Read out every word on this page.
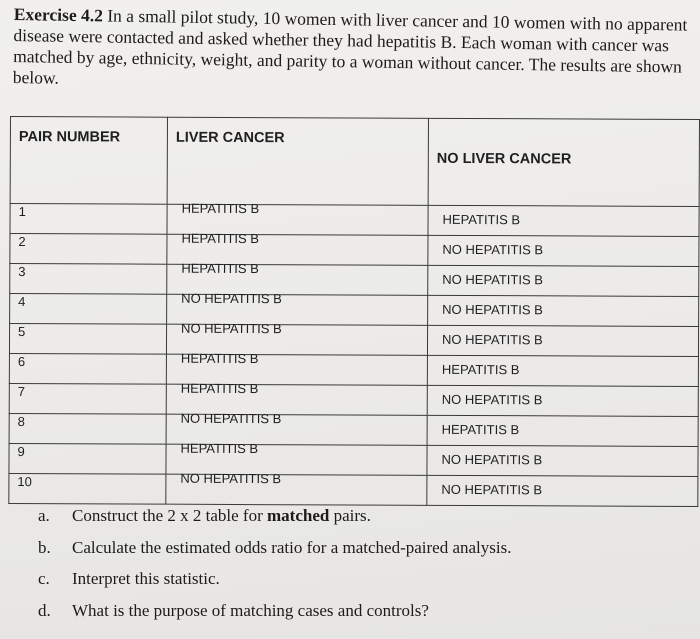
Exercise 4.2 In a small pilot study, 10 women with liver cancer and 10 women with no apparent disease were contacted and asked whether they had hepatitis B. Each woman with cancer was matched by age, ethnicity, weight, and parity to a woman without cancer. The results are shown below.
PAIR NUMBER	LIVER CANCER	NO LIVER CANCER
1	HEPATITIS B	HEPATITIS B
2	HEPATITIS B	NO HEPATITIS B
3	HEPATITIS B	NO HEPATITIS B
4	NO HEPATITIS B	NO HEPATITIS B
5	NO HEPATITIS B	NO HEPATITIS B
6	HEPATITIS B	HEPATITIS B
7	HEPATITIS B	NO HEPATITIS B
8	NO HEPATITIS B	HEPATITIS B
9	HEPATITIS B	NO HEPATITIS B
10	NO HEPATITIS B	NO HEPATITIS B
a. Construct the 2 x 2 table for matched pairs.
b. Calculate the estimated odds ratio for a matched-paired analysis.
c. Interpret this statistic.
d. What is the purpose of matching cases and controls?
